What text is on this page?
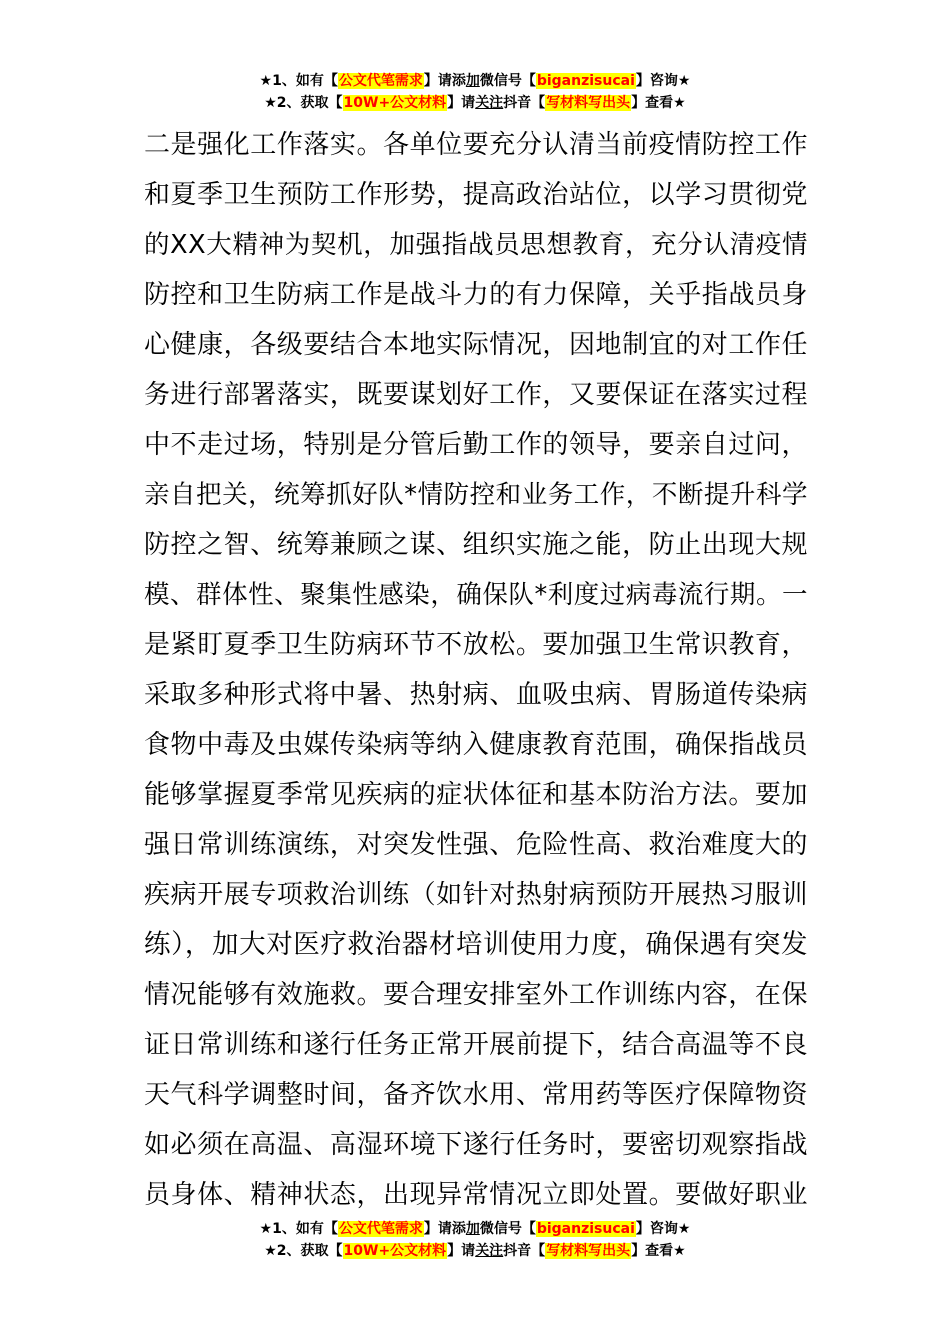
★1、如有【公文代笔需求】请添加微信号【biganzisucai】咨询★
★2、获取【10W+公文材料】请关注抖音【写材料写出头】查看★
二是强化工作落实。各单位要充分认清当前疫情防控工作
和夏季卫生预防工作形势，提高政治站位，以学习贯彻党
的XX大精神为契机，加强指战员思想教育，充分认清疫情
防控和卫生防病工作是战斗力的有力保障，关乎指战员身
心健康，各级要结合本地实际情况，因地制宜的对工作任
务进行部署落实，既要谋划好工作，又要保证在落实过程
中不走过场，特别是分管后勤工作的领导，要亲自过问，
亲自把关，统筹抓好队*情防控和业务工作，不断提升科学
防控之智、统筹兼顾之谋、组织实施之能，防止出现大规
模、群体性、聚集性感染，确保队*利度过病毒流行期。一
是紧盯夏季卫生防病环节不放松。要加强卫生常识教育，
采取多种形式将中暑、热射病、血吸虫病、胃肠道传染病
食物中毒及虫媒传染病等纳入健康教育范围，确保指战员
能够掌握夏季常见疾病的症状体征和基本防治方法。要加
强日常训练演练，对突发性强、危险性高、救治难度大的
疾病开展专项救治训练（如针对热射病预防开展热习服训
练），加大对医疗救治器材培训使用力度，确保遇有突发
情况能够有效施救。要合理安排室外工作训练内容，在保
证日常训练和遂行任务正常开展前提下，结合高温等不良
天气科学调整时间，备齐饮水用、常用药等医疗保障物资
如必须在高温、高湿环境下遂行任务时，要密切观察指战
员身体、精神状态，出现异常情况立即处置。要做好职业
★1、如有【公文代笔需求】请添加微信号【biganzisucai】咨询★
★2、获取【10W+公文材料】请关注抖音【写材料写出头】查看★
